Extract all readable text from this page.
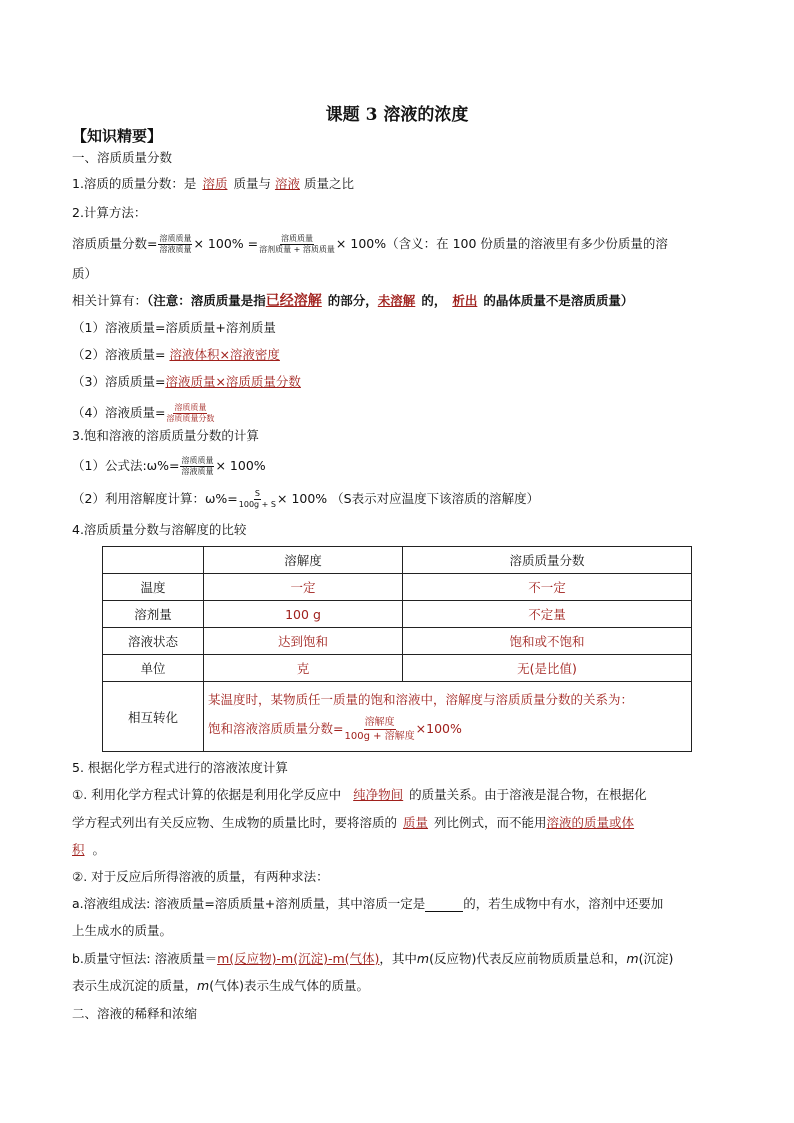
课题 3 溶液的浓度
【知识精要】
一、溶质质量分数
1.溶质的质量分数：是 溶质 质量与 溶液 质量之比
2.计算方法：
溶质质量分数= $\frac{\text{溶质质量}}{\text{溶液质量}} \times 100\% = \frac{\text{溶质质量}}{\text{溶剂质量 + 溶质质量}} \times 100\%$（含义：在 100 份质量的溶液里有多少份质量的溶
质）
相关计算有：（注意：溶质质量是指已经溶解 的部分，未溶解 的， 析出 的晶体质量不是溶质质量）
（1）溶液质量=溶质质量+溶剂质量
（2）溶液质量= 溶液体积×溶液密度
（3）溶质质量=溶液质量×溶质质量分数
（4）溶液质量= $\frac{\text{溶质质量}}{\text{溶质质量分数}}$
3.饱和溶液的溶质质量分数的计算
（1）公式法:ω%= $\frac{\text{溶质质量}}{\text{溶液质量}} \times 100\%$
（2）利用溶解度计算：$\omega\%= \frac{S}{100g + S} \times 100\%$ （S表示对应温度下该溶质的溶解度）
4.溶质质量分数与溶解度的比较
	溶解度	溶质质量分数
温度	一定	不一定
溶剂量	100 g	不定量
溶液状态	达到饱和	饱和或不饱和
单位	克	无(是比值)
相互转化	某温度时，某物质任一质量的饱和溶液中，溶解度与溶质质量分数的关系为：
饱和溶液溶质质量分数= $\frac{\text{溶解度}}{\text{100g + 溶解度}} \times 100\%$	
5. 根据化学方程式进行的溶液浓度计算
①. 利用化学方程式计算的依据是利用化学反应中 纯净物间 的质量关系。由于溶液是混合物，在根据化
学方程式列出有关反应物、生成物的质量比时，要将溶质的 质量 列比例式，而不能用溶液的质量或体
积 。
②. 对于反应后所得溶液的质量，有两种求法：
a.溶液组成法: 溶液质量=溶质质量+溶剂质量，其中溶质一定是	的，若生成物中有水，溶剂中还要加
上生成水的质量。
b.质量守恒法: 溶液质量＝m(反应物)-m(沉淀)-m(气体)，其中m(反应物)代表反应前物质质量总和，m(沉淀)
表示生成沉淀的质量，m(气体)表示生成气体的质量。
二、溶液的稀释和浓缩
